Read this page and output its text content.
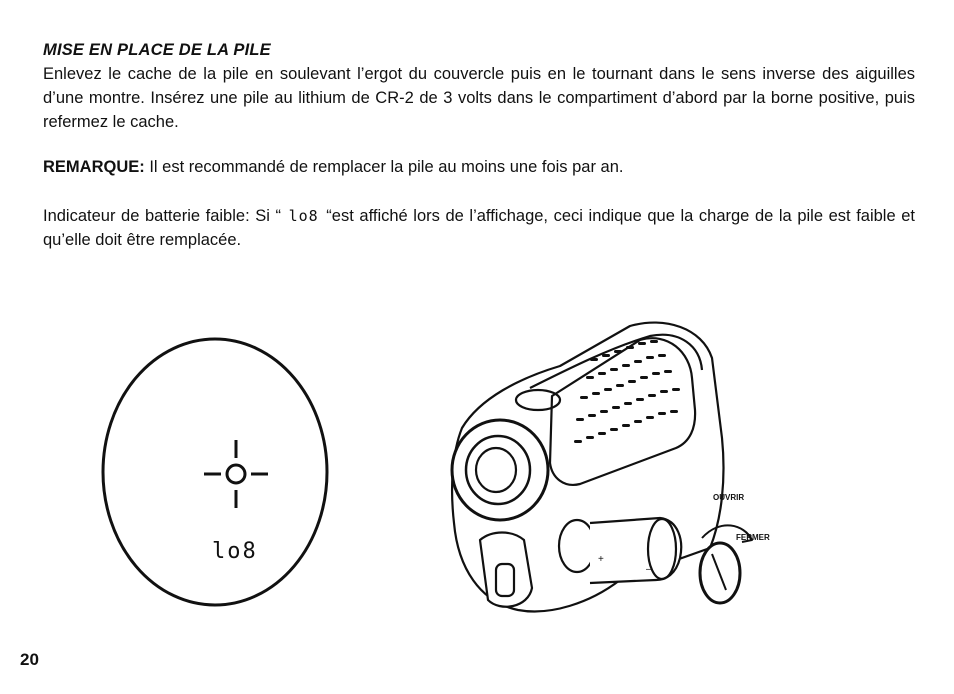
MISE EN PLACE DE LA PILE
Enlevez le cache de la pile en soulevant l’ergot du couvercle puis en le tournant dans le sens inverse des aiguilles d’une montre. Insérez une pile au lithium de CR-2 de 3 volts dans le compartiment d’abord par la borne positive, puis refermez le cache.
REMARQUE: Il est recommandé de remplacer la pile au moins une fois par an.
Indicateur de batterie faible: Si “ lo8 “est affiché lors de l’affichage, ceci indique que la charge de la pile est faible et qu’elle doit être remplacée.
lo8
OUVRIR
FERMER
+
–
20
